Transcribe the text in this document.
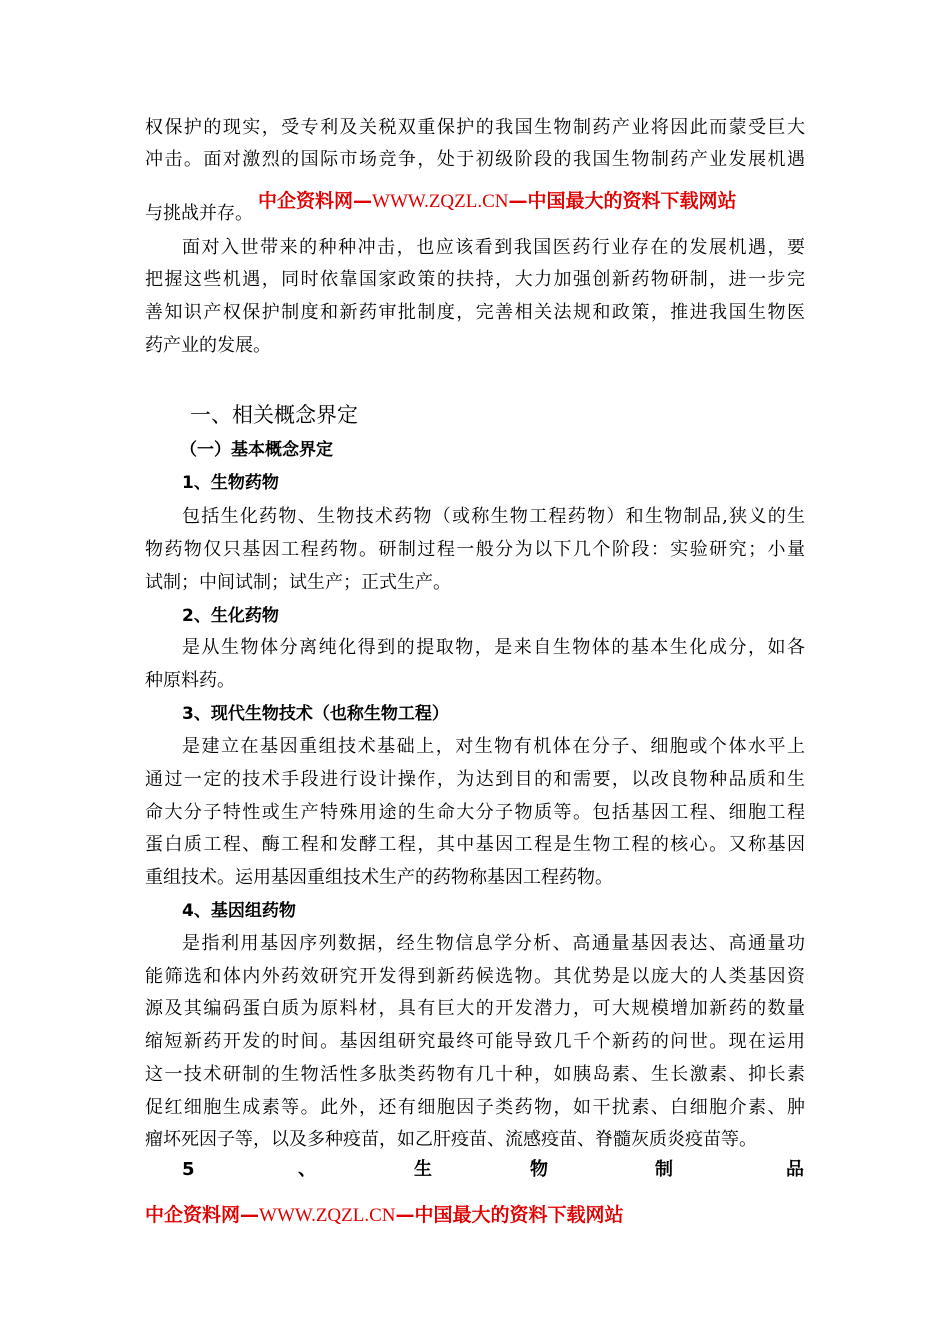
权保护的现实，受专利及关税双重保护的我国生物制药产业将因此而蒙受巨大
冲击。面对激烈的国际市场竞争，处于初级阶段的我国生物制药产业发展机遇
与挑战并存。
中企资料网—WWW.ZQZL.CN—中国最大的资料下载网站
面对入世带来的种种冲击，也应该看到我国医药行业存在的发展机遇，要
把握这些机遇，同时依靠国家政策的扶持，大力加强创新药物研制，进一步完
善知识产权保护制度和新药审批制度，完善相关法规和政策，推进我国生物医
药产业的发展。
一、相关概念界定
（一）基本概念界定
1、生物药物
包括生化药物、生物技术药物（或称生物工程药物）和生物制品,狭义的生
物药物仅只基因工程药物。研制过程一般分为以下几个阶段：实验研究；小量
试制；中间试制；试生产；正式生产。
2、生化药物
是从生物体分离纯化得到的提取物，是来自生物体的基本生化成分，如各
种原料药。
3、现代生物技术（也称生物工程）
是建立在基因重组技术基础上，对生物有机体在分子、细胞或个体水平上
通过一定的技术手段进行设计操作，为达到目的和需要，以改良物种品质和生
命大分子特性或生产特殊用途的生命大分子物质等。包括基因工程、细胞工程
蛋白质工程、酶工程和发酵工程，其中基因工程是生物工程的核心。又称基因
重组技术。运用基因重组技术生产的药物称基因工程药物。
4、基因组药物
是指利用基因序列数据，经生物信息学分析、高通量基因表达、高通量功
能筛选和体内外药效研究开发得到新药候选物。其优势是以庞大的人类基因资
源及其编码蛋白质为原料材，具有巨大的开发潜力，可大规模增加新药的数量
缩短新药开发的时间。基因组研究最终可能导致几千个新药的问世。现在运用
这一技术研制的生物活性多肽类药物有几十种，如胰岛素、生长激素、抑长素
促红细胞生成素等。此外，还有细胞因子类药物，如干扰素、白细胞介素、肿
瘤坏死因子等，以及多种疫苗，如乙肝疫苗、流感疫苗、脊髓灰质炎疫苗等。
5	、	生	物	制	品
中企资料网—WWW.ZQZL.CN—中国最大的资料下载网站
